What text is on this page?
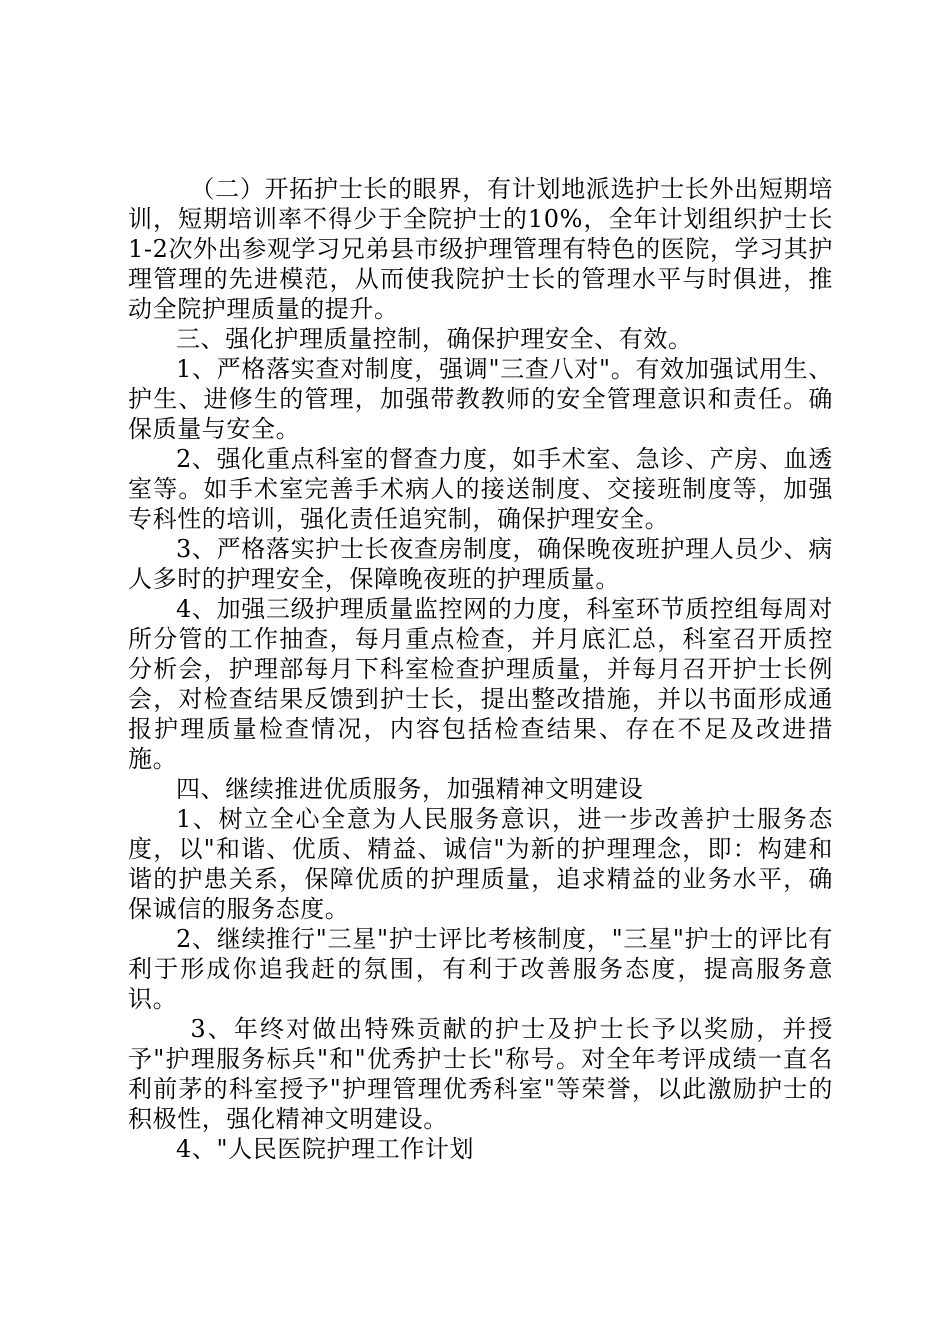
（二）开拓护士长的眼界，有计划地派选护士长外出短期培训，短期培训率不得少于全院护士的10%，全年计划组织护士长1-2次外出参观学习兄弟县市级护理管理有特色的医院，学习其护理管理的先进模范，从而使我院护士长的管理水平与时俱进，推动全院护理质量的提升。

三、强化护理质量控制，确保护理安全、有效。

1、严格落实查对制度，强调"三查八对"。有效加强试用生、护生、进修生的管理，加强带教教师的安全管理意识和责任。确保质量与安全。

2、强化重点科室的督查力度，如手术室、急诊、产房、血透室等。如手术室完善手术病人的接送制度、交接班制度等，加强专科性的培训，强化责任追究制，确保护理安全。

3、严格落实护士长夜查房制度，确保晚夜班护理人员少、病人多时的护理安全，保障晚夜班的护理质量。

4、加强三级护理质量监控网的力度，科室环节质控组每周对所分管的工作抽查，每月重点检查，并月底汇总，科室召开质控分析会，护理部每月下科室检查护理质量，并每月召开护士长例会，对检查结果反馈到护士长，提出整改措施，并以书面形成通报护理质量检查情况，内容包括检查结果、存在不足及改进措施。

四、继续推进优质服务，加强精神文明建设

1、树立全心全意为人民服务意识，进一步改善护士服务态度，以"和谐、优质、精益、诚信"为新的护理理念，即：构建和谐的护患关系，保障优质的护理质量，追求精益的业务水平，确保诚信的服务态度。

2、继续推行"三星"护士评比考核制度，"三星"护士的评比有利于形成你追我赶的氛围，有利于改善服务态度，提高服务意识。

3、年终对做出特殊贡献的护士及护士长予以奖励，并授予"护理服务标兵"和"优秀护士长"称号。对全年考评成绩一直名利前茅的科室授予"护理管理优秀科室"等荣誉，以此激励护士的积极性，强化精神文明建设。

4、"人民医院护理工作计划
